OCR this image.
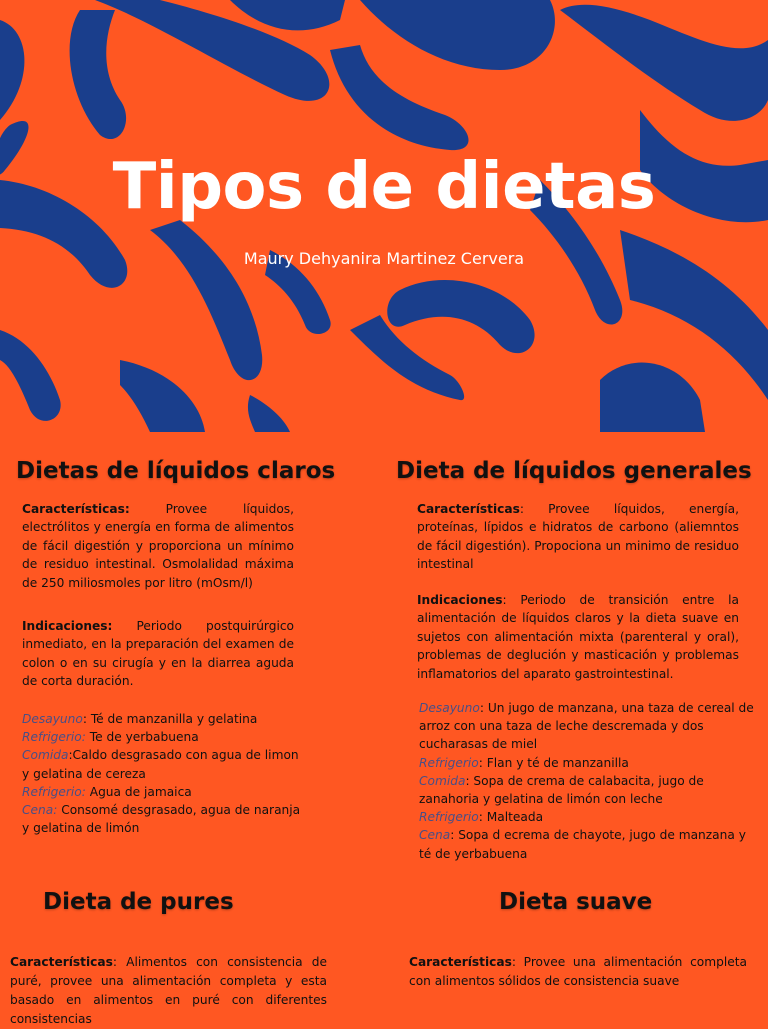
Tipos de dietas
Maury Dehyanira Martinez Cervera
Dietas de líquidos claros

Características: Provee líquidos, electrólitos y energía en forma de alimentos de fácil digestión y proporciona un mínimo de residuo intestinal. Osmolalidad máxima de 250 miliosmoles por litro (mOsm/l)

Indicaciones: Periodo postquirúrgico inmediato, en la preparación del examen de colon o en su cirugía y en la diarrea aguda de corta duración.

Desayuno: Té de manzanilla y gelatina

Refrigerio: Te de yerbabuena

Comida:Caldo desgrasado con agua de limon y gelatina de cereza

Refrigerio: Agua de jamaica

Cena: Consomé desgrasado, agua de naranja y gelatina de limón

Dieta de líquidos generales

Características: Provee líquidos, energía, proteínas, lípidos e hidratos de carbono (aliemntos de fácil digestión). Propociona un minimo de residuo intestinal

Indicaciones: Periodo de transición entre la alimentación de líquidos claros y la dieta suave en sujetos con alimentación mixta (parenteral y oral), problemas de deglución y masticación y problemas inflamatorios del aparato gastrointestinal.

Desayuno: Un jugo de manzana, una taza de cereal de arroz con una taza de leche descremada y dos cucharasas de miel

Refrigerio: Flan y té de manzanilla

Comida: Sopa de crema de calabacita, jugo de zanahoria y gelatina de limón con leche

Refrigerio: Malteada

Cena: Sopa d ecrema de chayote, jugo de manzana y té de yerbabuena

Dieta de pures

Características: Alimentos con consistencia de puré, provee una alimentación completa y esta basado en alimentos en puré con diferentes consistencias

Dieta suave

Características: Provee una alimentación completa con alimentos sólidos de consistencia suave
